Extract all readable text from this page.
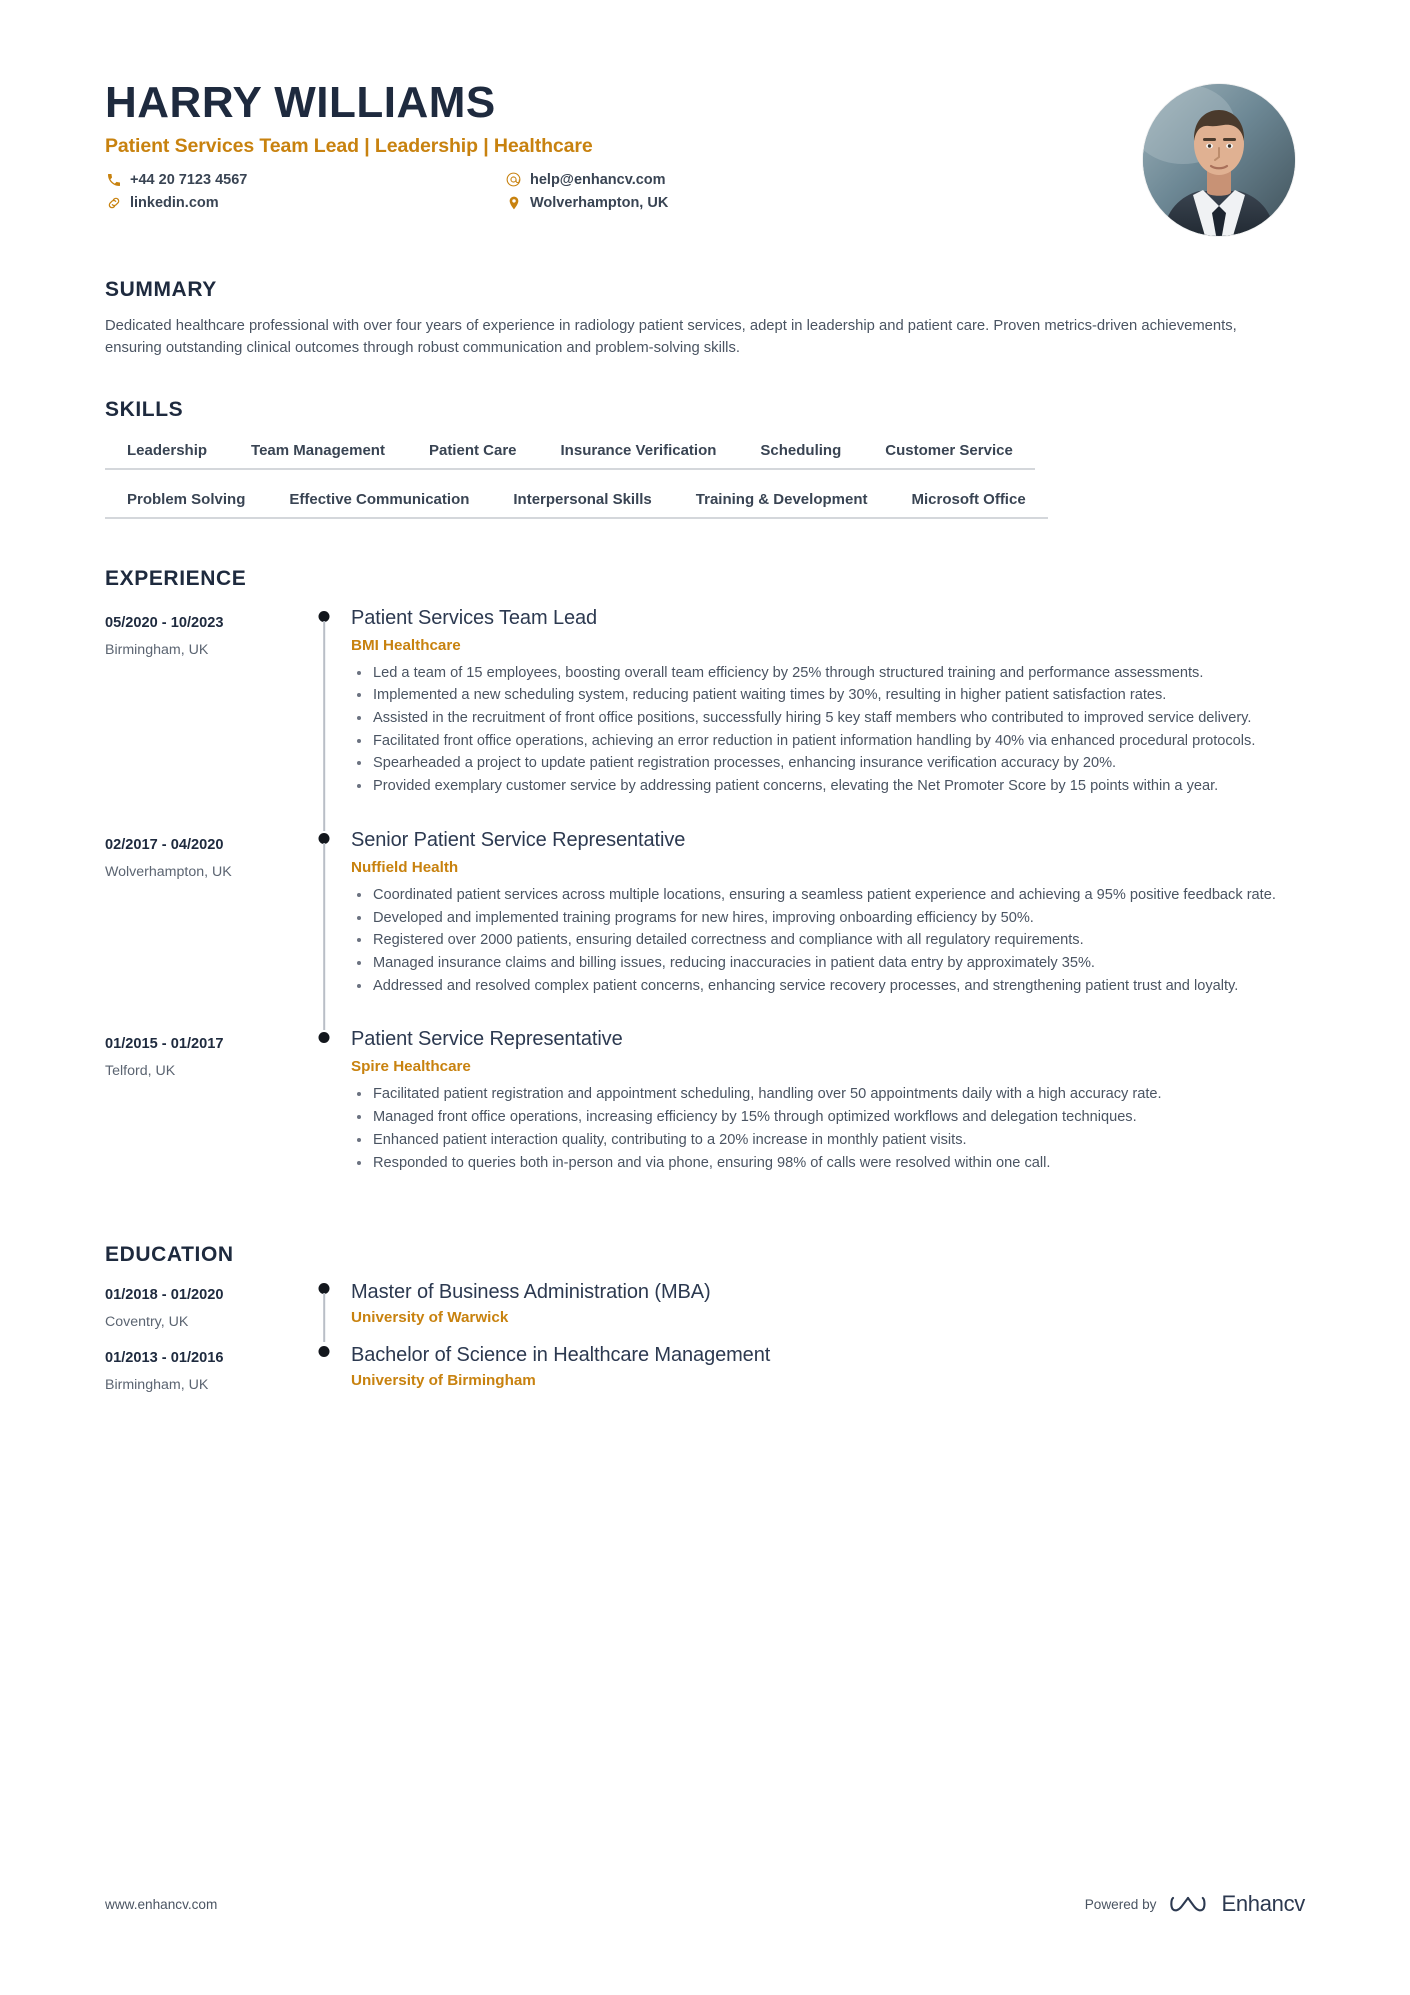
HARRY WILLIAMS
Patient Services Team Lead | Leadership | Healthcare
+44 20 7123 4567	help@enhancv.com
linkedin.com	Wolverhampton, UK
SUMMARY
Dedicated healthcare professional with over four years of experience in radiology patient services, adept in leadership and patient care. Proven metrics-driven achievements, ensuring outstanding clinical outcomes through robust communication and problem-solving skills.
SKILLS
Leadership	Team Management	Patient Care	Insurance Verification	Scheduling	Customer Service
Problem Solving	Effective Communication	Interpersonal Skills	Training & Development	Microsoft Office
EXPERIENCE
05/2020 - 10/2023
Birmingham, UK
Patient Services Team Lead
BMI Healthcare
Led a team of 15 employees, boosting overall team efficiency by 25% through structured training and performance assessments.
Implemented a new scheduling system, reducing patient waiting times by 30%, resulting in higher patient satisfaction rates.
Assisted in the recruitment of front office positions, successfully hiring 5 key staff members who contributed to improved service delivery.
Facilitated front office operations, achieving an error reduction in patient information handling by 40% via enhanced procedural protocols.
Spearheaded a project to update patient registration processes, enhancing insurance verification accuracy by 20%.
Provided exemplary customer service by addressing patient concerns, elevating the Net Promoter Score by 15 points within a year.
02/2017 - 04/2020
Wolverhampton, UK
Senior Patient Service Representative
Nuffield Health
Coordinated patient services across multiple locations, ensuring a seamless patient experience and achieving a 95% positive feedback rate.
Developed and implemented training programs for new hires, improving onboarding efficiency by 50%.
Registered over 2000 patients, ensuring detailed correctness and compliance with all regulatory requirements.
Managed insurance claims and billing issues, reducing inaccuracies in patient data entry by approximately 35%.
Addressed and resolved complex patient concerns, enhancing service recovery processes, and strengthening patient trust and loyalty.
01/2015 - 01/2017
Telford, UK
Patient Service Representative
Spire Healthcare
Facilitated patient registration and appointment scheduling, handling over 50 appointments daily with a high accuracy rate.
Managed front office operations, increasing efficiency by 15% through optimized workflows and delegation techniques.
Enhanced patient interaction quality, contributing to a 20% increase in monthly patient visits.
Responded to queries both in-person and via phone, ensuring 98% of calls were resolved within one call.
EDUCATION
01/2018 - 01/2020
Coventry, UK
Master of Business Administration (MBA)
University of Warwick
01/2013 - 01/2016
Birmingham, UK
Bachelor of Science in Healthcare Management
University of Birmingham
www.enhancv.com	Powered by	Enhancv
